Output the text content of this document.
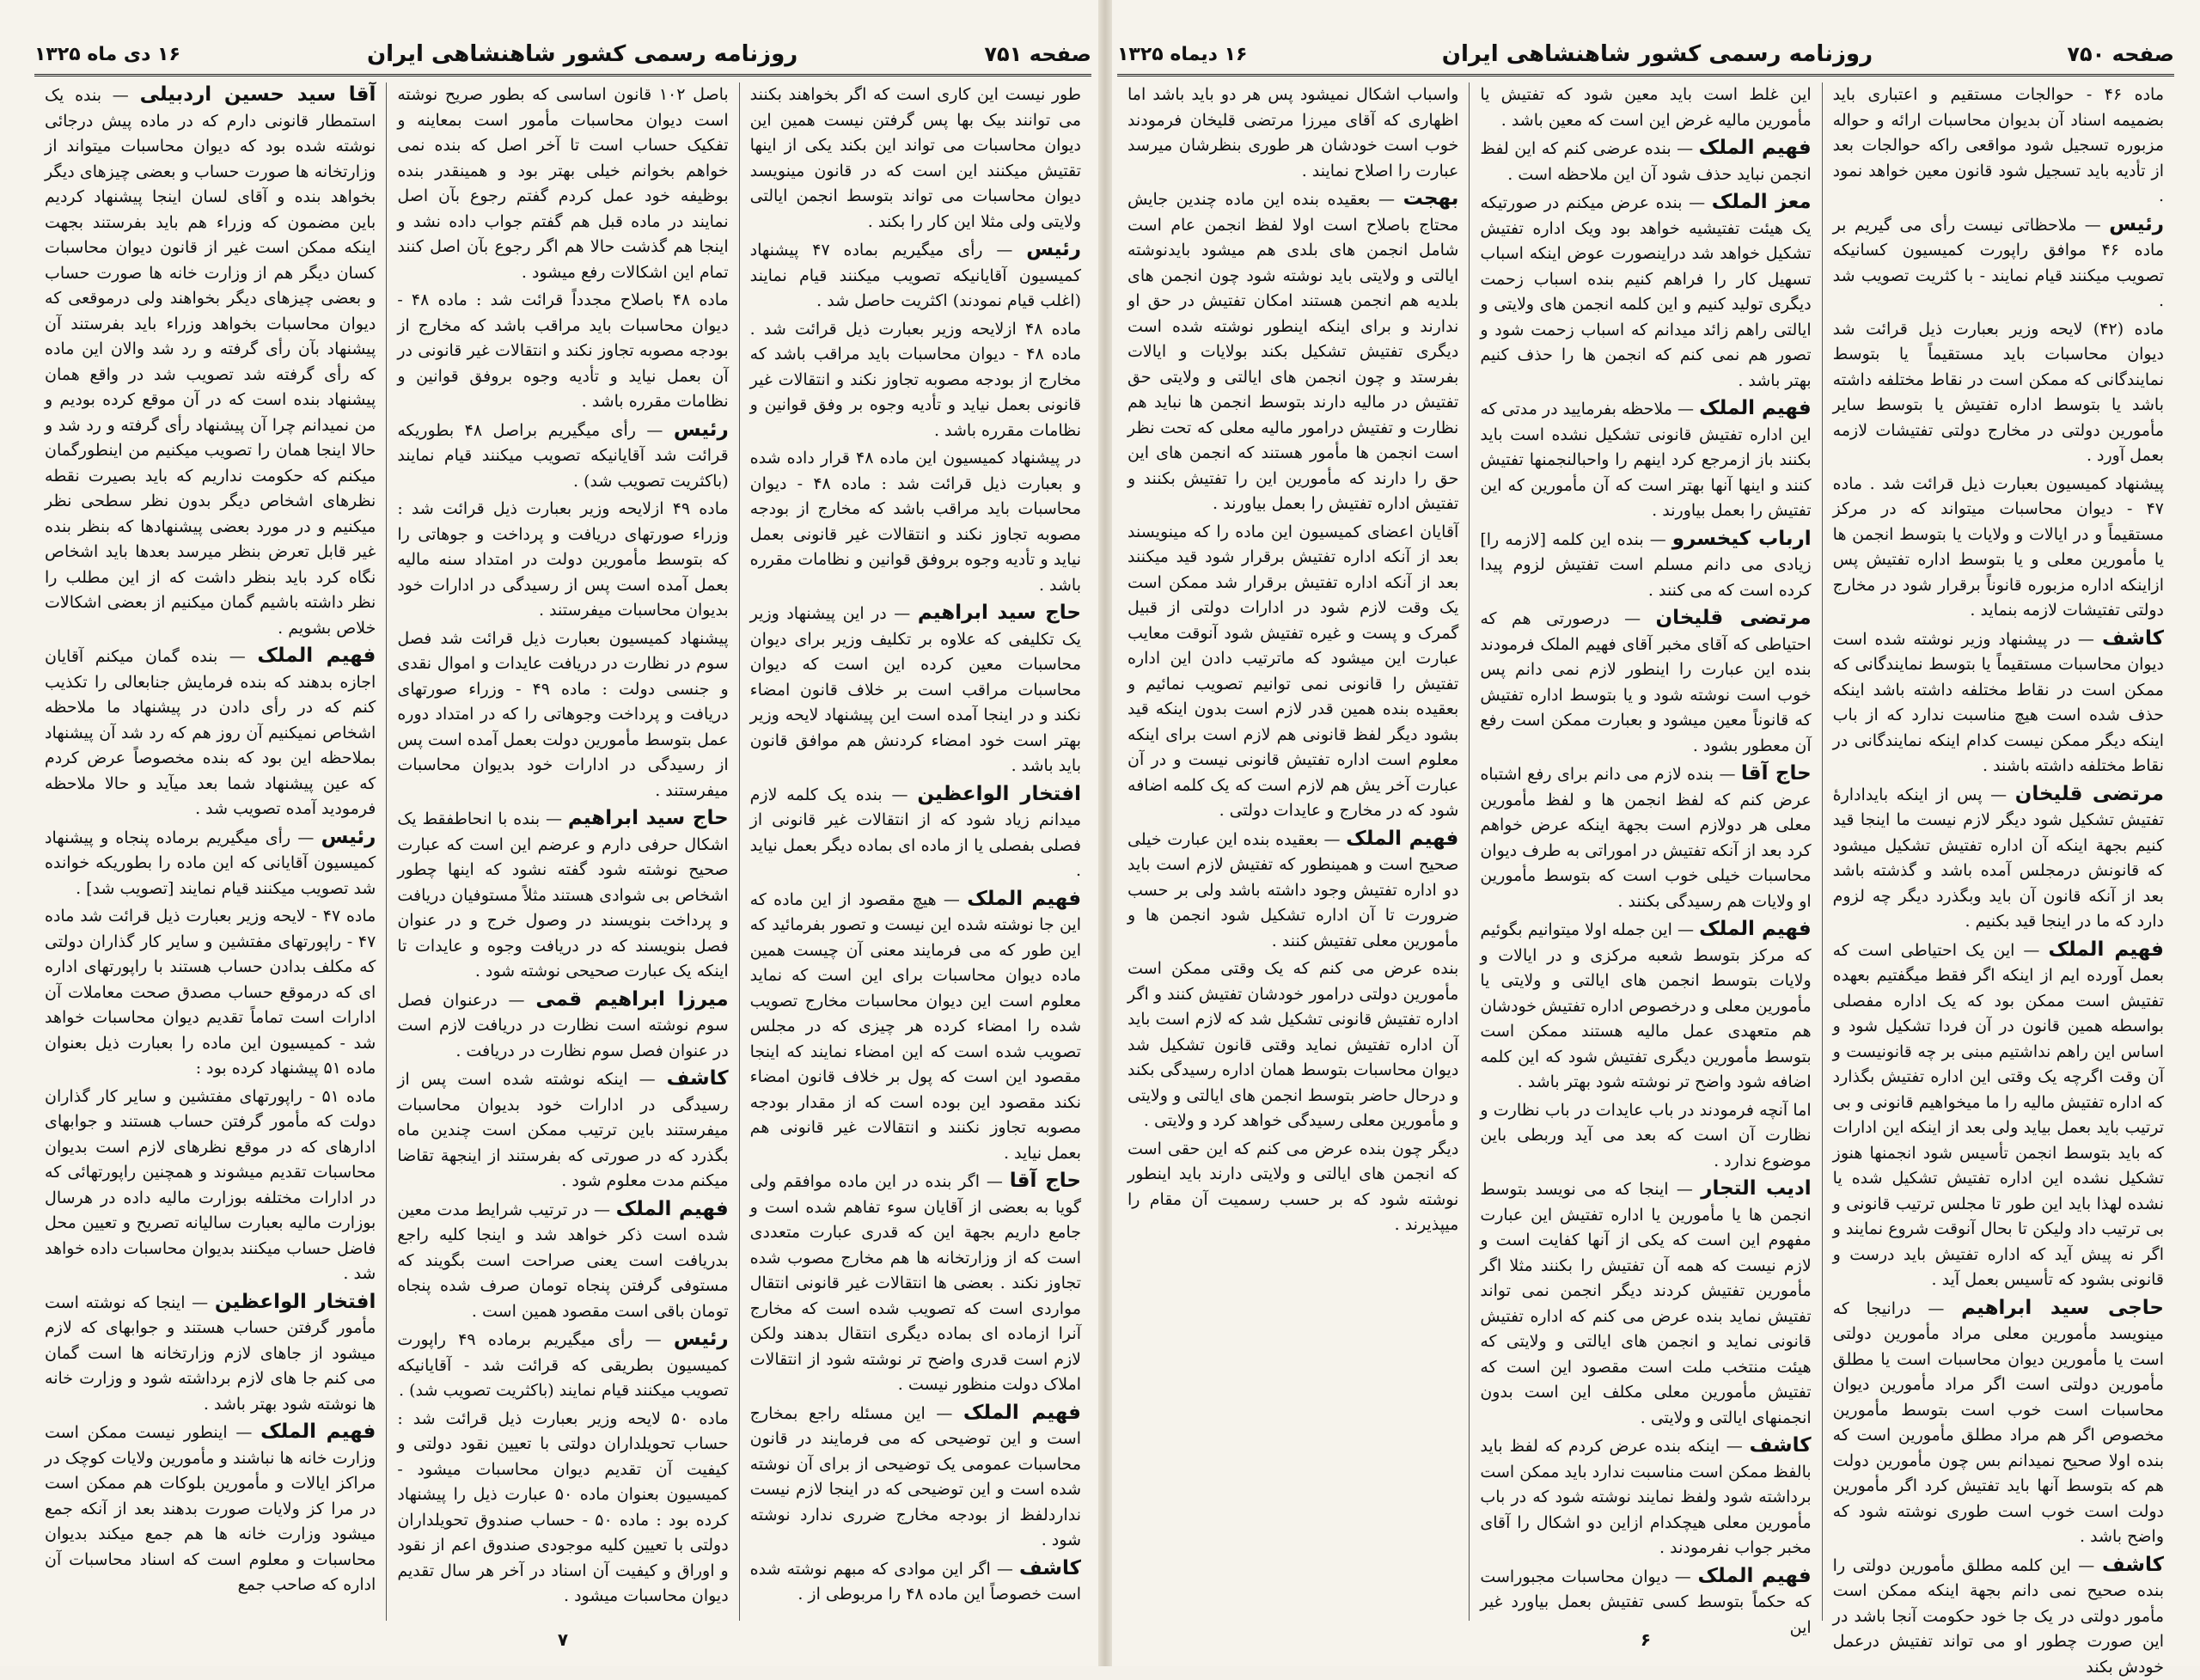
صفحه ۷۵۱
روزنامه رسمی کشور شاهنشاهی ایران
۱۶ دی ماه ۱۳۲۵

طور نیست این کاری است که اگر بخواهند بکنند می توانند بیک بها پس گرفتن نیست همین این دیوان محاسبات می تواند این بکند یکی از اینها تقتیش میکنند این است که در قانون مینویسد دیوان محاسبات می تواند بتوسط انجمن ایالتی ولایتی ولی مثلا این کار را بکند .

رئیس — رأی میگیریم بماده ۴۷ پیشنهاد کمیسیون آقایانیکه تصویب میکنند قیام نمایند (اغلب قیام نمودند) اکثریت حاصل شد .

ماده ۴۸ ازلایحه وزیر بعبارت ذیل قرائت شد . ماده ۴۸ - دیوان محاسبات باید مراقب باشد که مخارج از بودجه مصوبه تجاوز نکند و انتقالات غیر قانونی بعمل نیاید و تأدیه وجوه بر وفق قوانین و نظامات مقرره باشد .

در پیشنهاد کمیسیون این ماده ۴۸ قرار داده شده و بعبارت ذیل قرائت شد : ماده ۴۸ - دیوان محاسبات باید مراقب باشد که مخارج از بودجه مصوبه تجاوز نکند و انتقالات غیر قانونی بعمل نیاید و تأدیه وجوه بروفق قوانین و نظامات مقرره باشد .

حاج سید ابراهیم — در این پیشنهاد وزیر یک تکلیفی که علاوه بر تکلیف وزیر برای دیوان محاسبات معین کرده این است که دیوان محاسبات مراقب است بر خلاف قانون امضاء نکند و در اینجا آمده است این پیشنهاد لایحه وزیر بهتر است خود امضاء کردنش هم موافق قانون باید باشد .

افتخار الواعظین — بنده یک کلمه لازم میدانم زیاد شود که از انتقالات غیر قانونی از فصلی بفصلی یا از ماده ای بماده دیگر بعمل نیاید .

فهیم الملک — هیچ مقصود از این ماده که این جا نوشته شده این نیست و تصور بفرمائید که این طور که می فرمایند معنی آن چیست همین ماده دیوان محاسبات برای این است که نماید معلوم است این دیوان محاسبات مخارج تصویب شده را امضاء کرده هر چیزی که در مجلس تصویب شده است که این امضاء نمایند که اینجا مقصود این است که پول بر خلاف قانون امضاء نکند مقصود این بوده است که از مقدار بودجه مصوبه تجاوز نکنند و انتقالات غیر قانونی هم بعمل نیاید .

حاج آقا — اگر بنده در این ماده موافقم ولی گویا به بعضی از آقایان سوء تفاهم شده است و جامع داریم بجهة این که قدری عبارت متعددی است که از وزارتخانه ها هم مخارج مصوب شده تجاوز نکند . بعضی ها انتقالات غیر قانونی انتقال مواردی است که تصویب شده است که مخارج آنرا ازماده ای بماده دیگری انتقال بدهند ولکن لازم است قدری واضح تر نوشته شود از انتقالات املاک دولت منظور نیست .

فهیم الملک — این مسئله راجع بمخارج است و این توضیحی که می فرمایند در قانون محاسبات عمومی یک توضیحی از برای آن نوشته شده است و این توضیحی که در اینجا لازم نیست نداردلفظ از بودجه مخارج ضرری ندارد نوشته شود .

کاشف — اگر این موادی که مبهم نوشته شده است خصوصاً این ماده ۴۸ را مربوطی از .

باصل ۱۰۲ قانون اساسی که بطور صریح نوشته است دیوان محاسبات مأمور است بمعاینه و تفکیک حساب است تا آخر اصل که بنده نمی خواهم بخوانم خیلی بهتر بود و همینقدر بنده بوظیفه خود عمل کردم گفتم رجوع بآن اصل نمایند در ماده قبل هم گفتم جواب داده نشد و اینجا هم گذشت حالا هم اگر رجوع بآن اصل کنند تمام این اشکالات رفع میشود .

ماده ۴۸ باصلاح مجدداً قرائت شد : ماده ۴۸ - دیوان محاسبات باید مراقب باشد که مخارج از بودجه مصوبه تجاوز نکند و انتقالات غیر قانونی در آن بعمل نیاید و تأدیه وجوه بروفق قوانین و نظامات مقرره باشد .

رئیس — رأی میگیریم براصل ۴۸ بطوریکه قرائت شد آقایانیکه تصویب میکنند قیام نمایند (باکثریت تصویب شد) .

ماده ۴۹ ازلایحه وزیر بعبارت ذیل قرائت شد : وزراء صورتهای دریافت و پرداخت و جوهاتی را که بتوسط مأمورین دولت در امتداد سنه مالیه بعمل آمده است پس از رسیدگی در ادارات خود بدیوان محاسبات میفرستند .

پیشنهاد کمیسیون بعبارت ذیل قرائت شد فصل سوم در نظارت در دریافت عایدات و اموال نقدی و جنسی دولت : ماده ۴۹ - وزراء صورتهای دریافت و پرداخت وجوهاتی را که در امتداد دوره عمل بتوسط مأمورین دولت بعمل آمده است پس از رسیدگی در ادارات خود بدیوان محاسبات میفرستند .

حاج سید ابراهیم — بنده با انحاطفقط یک اشکال حرفی دارم و عرضم این است که عبارت صحیح نوشته شود گفته نشود که اینها چطور اشخاص بی شوادی هستند مثلاً مستوفیان دریافت و پرداخت بنویسند در وصول خرج و در عنوان فصل بنویسند که در دریافت وجوه و عایدات تا اینکه یک عبارت صحیحی نوشته شود .

میرزا ابراهیم قمی — درعنوان فصل سوم نوشته است نظارت در دریافت لازم است در عنوان فصل سوم نظارت در دریافت .

کاشف — اینکه نوشته شده است پس از رسیدگی در ادارات خود بدیوان محاسبات میفرستند باین ترتیب ممکن است چندین ماه بگذرد که در صورتی که بفرستند از اینجهة تقاضا میکنم مدت معلوم شود .

فهیم الملک — در ترتیب شرایط مدت معین شده است ذکر خواهد شد و اینجا کلیه راجع بدریافت است یعنی صراحت است بگویند که مستوفی گرفتن پنجاه تومان صرف شده پنجاه تومان باقی است مقصود همین است .

رئیس — رأی میگیریم برماده ۴۹ راپورت کمیسیون بطریقی که قرائت شد - آقایانیکه تصویب میکنند قیام نمایند (باکثریت تصویب شد) .

ماده ۵۰ لایحه وزیر بعبارت ذیل قرائت شد : حساب تحویلداران دولتی با تعیین نقود دولتی و کیفیت آن تقدیم دیوان محاسبات میشود - کمیسیون بعنوان ماده ۵۰ عبارت ذیل را پیشنهاد کرده بود : ماده ۵۰ - حساب صندوق تحویلداران دولتی با تعیین کلیه موجودی صندوق اعم از نقود و اوراق و کیفیت آن اسناد در آخر هر سال تقدیم دیوان محاسبات میشود .

آقا سید حسین اردبیلی — بنده یک استمطار قانونی دارم که در ماده پیش درجائی نوشته شده بود که دیوان محاسبات میتواند از وزارتخانه ها صورت حساب و بعضی چیزهای دیگر بخواهد بنده و آقای لسان اینجا پیشنهاد کردیم باین مضمون که وزراء هم باید بفرستند بجهت اینکه ممکن است غیر از قانون دیوان محاسبات کسان دیگر هم از وزارت خانه ها صورت حساب و بعضی چیزهای دیگر بخواهند ولی درموقعی که دیوان محاسبات بخواهد وزراء باید بفرستند آن پیشنهاد بآن رأی گرفته و رد شد والان این ماده که رأی گرفته شد تصویب شد در واقع همان پیشنهاد بنده است که در آن موقع کرده بودیم و من نمیدانم چرا آن پیشنهاد رأی گرفته و رد شد و حالا اینجا همان را تصویب میکنیم من اینطورگمان میکنم که حکومت نداریم که باید بصیرت نقطه نظرهای اشخاص دیگر بدون نظر سطحی نظر میکنیم و در مورد بعضی پیشنهادها که بنظر بنده غیر قابل تعرض بنظر میرسد بعدها باید اشخاص نگاه کرد باید بنظر داشت که از این مطلب را نظر داشته باشیم گمان میکنیم از بعضی اشکالات خلاص بشویم .

فهیم الملک — بنده گمان میکنم آقایان اجازه بدهند که بنده فرمایش جنابعالی را تکذیب کنم که در رأی دادن در پیشنهاد ما ملاحظه اشخاص نمیکنیم آن روز هم که رد شد آن پیشنهاد بملاحظه این بود که بنده مخصوصاً عرض کردم که عین پیشنهاد شما بعد میآید و حالا ملاحظه فرمودید آمده تصویب شد .

رئیس — رأی میگیریم برماده پنجاه و پیشنهاد کمیسیون آقایانی که این ماده را بطوریکه خوانده شد تصویب میکنند قیام نمایند [تصویب شد] .

ماده ۴۷ - لایحه وزیر بعبارت ذیل قرائت شد ماده ۴۷ - راپورتهای مفتشین و سایر کار گذاران دولتی که مکلف بدادن حساب هستند با راپورتهای اداره ای که درموقع حساب مصدق صحت معاملات آن ادارات است تماماً تقدیم دیوان محاسبات خواهد شد - کمیسیون این ماده را بعبارت ذیل بعنوان ماده ۵۱ پیشنهاد کرده بود :

ماده ۵۱ - راپورتهای مفتشین و سایر کار گذاران دولت که مأمور گرفتن حساب هستند و جوابهای ادارهای که در موقع نظرهای لازم است بدیوان محاسبات تقدیم میشوند و همچنین راپورتهائی که در ادارات مختلفه بوزارت مالیه داده در هرسال بوزارت مالیه بعبارت سالیانه تصریح و تعیین محل فاضل حساب میکنند بدیوان محاسبات داده خواهد شد .

افتخار الواعظین — اینجا که نوشته است مأمور گرفتن حساب هستند و جوابهای که لازم میشود از جاهای لازم وزارتخانه ها است گمان می کنم جا های لازم برداشته شود و وزارت خانه ها نوشته شود بهتر باشد .

فهیم الملک — اینطور نیست ممکن است وزارت خانه ها نباشند و مأمورین ولایات کوچک در مراکز ایالات و مأمورین بلوکات هم ممکن است در مرا کز ولایات صورت بدهند بعد از آنکه جمع میشود وزارت خانه ها هم جمع میکند بدیوان محاسبات و معلوم است که اسناد محاسبات آن اداره که صاحب جمع

۷
صفحه ۷۵۰
روزنامه رسمی کشور شاهنشاهی ایران
۱۶ دیماه ۱۳۲۵

ماده ۴۶ - حوالجات مستقیم و اعتباری باید بضمیمه اسناد آن بدیوان محاسبات ارائه و حواله مزبوره تسجیل شود مواقعی راکه حوالجات بعد از تأدیه باید تسجیل شود قانون معین خواهد نمود .

رئیس — ملاحظاتی نیست رأی می گیریم بر ماده ۴۶ موافق راپورت کمیسیون کسانیکه تصویب میکنند قیام نمایند - با کثریت تصویب شد .

ماده (۴۲) لایحه وزیر بعبارت ذیل قرائت شد دیوان محاسبات باید مستقیماً یا بتوسط نمایندگانی که ممکن است در نقاط مختلفه داشته باشد یا بتوسط اداره تفتیش یا بتوسط سایر مأمورین دولتی در مخارج دولتی تفتیشات لازمه بعمل آورد .

پیشنهاد کمیسیون بعبارت ذیل قرائت شد . ماده ۴۷ - دیوان محاسبات میتواند که در مرکز مستقیماً و در ایالات و ولایات یا بتوسط انجمن ها یا مأمورین معلی و یا بتوسط اداره تفتیش پس ازاینکه اداره مزبوره قانوناً برقرار شود در مخارج دولتی تفتیشات لازمه بنماید .

کاشف — در پیشنهاد وزیر نوشته شده است دیوان محاسبات مستقیماً یا بتوسط نمایندگانی که ممکن است در نقاط مختلفه داشته باشد اینکه حذف شده است هیچ مناسبت ندارد که از باب اینکه دیگر ممکن نیست کدام اینکه نمایندگانی در نقاط مختلفه داشته باشند .

مرتضی قلیخان — پس از اینکه بایدادارهٔ تفتیش تشکیل شود دیگر لازم نیست ما اینجا قید کنیم بجهة اینکه آن اداره تفتیش تشکیل میشود که قانونش درمجلس آمده باشد و گذشته باشد بعد از آنکه قانون آن باید وبگذرد دیگر چه لزوم دارد که ما در اینجا قید بکنیم .

فهیم الملک — این یک احتیاطی است که بعمل آورده ایم از اینکه اگر فقط میگفتیم بعهده تفتیش است ممکن بود که یک اداره مفصلی بواسطه همین قانون در آن فردا تشکیل شود و اساس این راهم نداشتیم مبنی بر چه قانونیست و آن وقت اگرچه یک وقتی این اداره تفتیش بگذارد که اداره تفتیش مالیه را ما میخواهیم قانونی و بی ترتیب باید بعمل بیاید ولی بعد از اینکه این ادارات که باید بتوسط انجمن تأسیس شود انجمنها هنوز تشکیل نشده این اداره تفتیش تشکیل شده یا نشده لهذا باید این طور تا مجلس ترتیب قانونی و بی ترتیب داد ولیکن تا بحال آنوقت شروع نمایند و اگر نه پیش آید که اداره تفتیش باید درست و قانونی بشود که تأسیس بعمل آید .

حاجی سید ابراهیم — درانیجا که مینویسد مأمورین معلی مراد مأمورین دولتی است یا مأمورین دیوان محاسبات است یا مطلق مأمورین دولتی است اگر مراد مأمورین دیوان محاسبات است خوب است بتوسط مأمورین مخصوص اگر هم مراد مطلق مأمورین است که بنده اولا صحیح نمیدانم بس چون مأمورین دولت هم که بتوسط آنها باید تفتیش کرد اگر مأمورین دولت است خوب است طوری نوشته شود که واضح باشد .

کاشف — این کلمه مطلق مأمورین دولتی را بنده صحیح نمی دانم بجهة اینکه ممکن است مأمور دولتی در یک جا خود حکومت آنجا باشد در این صورت چطور او می تواند تفتیش درعمل خودش بکند

این غلط است باید معین شود که تفتیش یا مأمورین مالیه غرض این است که معین باشد .

فهیم الملک — بنده عرضی کنم که این لفظ انجمن نباید حذف شود آن این ملاحظه است .

معز الملک — بنده عرض میکنم در صورتیکه یک هیئت تفتیشیه خواهد بود ویک اداره تفتیش تشکیل خواهد شد دراینصورت عوض اینکه اسباب تسهیل کار را فراهم کنیم بنده اسباب زحمت دیگری تولید کنیم و این کلمه انجمن های ولایتی و ایالتی راهم زائد میدانم که اسباب زحمت شود و تصور هم نمی کنم که انجمن ها را حذف کنیم بهتر باشد .

فهیم الملک — ملاحظه بفرمایید در مدتی که این اداره تفتیش قانونی تشکیل نشده است باید بکنند باز ازمرجع کرد اینهم را واحبالنجمنها تفتیش کنند و اینها آنها بهتر است که آن مأمورین که این تفتیش را بعمل بیاورند .

ارباب کیخسرو — بنده این کلمه [لازمه را] زیادی می دانم مسلم است تفتیش لزوم پیدا کرده است که می کنند .

مرتضی قلیخان — درصورتی هم که احتیاطی که آقای مخبر آقای فهیم الملک فرمودند بنده این عبارت را اینطور لازم نمی دانم پس خوب است نوشته شود و یا بتوسط اداره تفتیش که قانوناً معین میشود و بعبارت ممکن است رفع آن معطور بشود .

حاج آقا — بنده لازم می دانم برای رفع اشتباه عرض کنم که لفظ انجمن ها و لفظ مأمورین معلی هر دولازم است بجهة اینکه عرض خواهم کرد بعد از آنکه تفتیش در اموراتی به طرف دیوان محاسبات خیلی خوب است که بتوسط مأمورین او ولایات هم رسیدگی بکنند .

فهیم الملک — این جمله اولا میتوانیم بگوئیم که مرکز بتوسط شعبه مرکزی و در ایالات و ولایات بتوسط انجمن های ایالتی و ولایتی یا مأمورین معلی و درخصوص اداره تفتیش خودشان هم متعهدی عمل مالیه هستند ممکن است بتوسط مأمورین دیگری تفتیش شود که این کلمه اضافه شود واضح تر نوشته شود بهتر باشد .

اما آنچه فرمودند در باب عایدات در باب نظارت و نظارت آن است که بعد می آید وربطی باین موضوع ندارد .

ادیب التجار — اینجا که می نویسد بتوسط انجمن ها یا مأمورین یا اداره تفتیش این عبارت مفهوم این است که یکی از آنها کفایت است و لازم نیست که همه آن تفتیش را بکنند مثلا اگر مأمورین تفتیش کردند دیگر انجمن نمی تواند تفتیش نماید بنده عرض می کنم که اداره تفتیش قانونی نماید و انجمن های ایالتی و ولایتی که هیئت منتخب ملت است مقصود این است که تفتیش مأمورین معلی مکلف این است بدون انجمنهای ایالتی و ولایتی .

کاشف — اینکه بنده عرض کردم که لفظ باید بالفظ ممکن است مناسبت ندارد باید ممکن است برداشته شود ولفظ نمایند نوشته شود که در باب مأمورین معلی هیچکدام ازاین دو اشکال را آقای مخبر جواب نفرمودند .

فهیم الملک — دیوان محاسبات مجبوراست که حکماً بتوسط کسی تفتیش بعمل بیاورد غیر این

واسباب اشکال نمیشود پس هر دو باید باشد اما اظهاری که آقای میرزا مرتضی قلیخان فرمودند خوب است خودشان هر طوری بنظرشان میرسد عبارت را اصلاح نمایند .

بهجت — بعقیده بنده این ماده چندین جایش محتاج باصلاح است اولا لفظ انجمن عام است شامل انجمن های بلدی هم میشود بایدنوشته ایالتی و ولایتی باید نوشته شود چون انجمن های بلدیه هم انجمن هستند امکان تفتیش در حق او ندارند و برای اینکه اینطور نوشته شده است دیگری تفتیش تشکیل بکند بولایات و ایالات بفرستد و چون انجمن های ایالتی و ولایتی حق تفتیش در مالیه دارند بتوسط انجمن ها نباید هم نظارت و تفتیش درامور مالیه معلی که تحت نظر است انجمن ها مأمور هستند که انجمن های این حق را دارند که مأمورین این را تفتیش بکنند و تفتیش اداره تفتیش را بعمل بیاورند .

آقایان اعضای کمیسیون این ماده را که مینویسند بعد از آنکه اداره تفتیش برقرار شود قید میکنند بعد از آنکه اداره تفتیش برقرار شد ممکن است یک وقت لازم شود در ادارات دولتی از قبیل گمرک و پست و غیره تفتیش شود آنوقت معایب عبارت این میشود که ماترتیب دادن این اداره تفتیش را قانونی نمی توانیم تصویب نمائیم و بعقیده بنده همین قدر لازم است بدون اینکه قید بشود دیگر لفظ قانونی هم لازم است برای اینکه معلوم است اداره تفتیش قانونی نیست و در آن عبارت آخر یش هم لازم است که یک کلمه اضافه شود که در مخارج و عایدات دولتی .

فهیم الملک — بعقیده بنده این عبارت خیلی صحیح است و همینطور که تفتیش لازم است باید دو اداره تفتیش وجود داشته باشد ولی بر حسب ضرورت تا آن اداره تشکیل شود انجمن ها و مأمورین معلی تفتیش کنند .

بنده عرض می کنم که یک وقتی ممکن است مأمورین دولتی درامور خودشان تفتیش کنند و اگر اداره تفتیش قانونی تشکیل شد که لازم است باید آن اداره تفتیش نماید وقتی قانون تشکیل شد دیوان محاسبات بتوسط همان اداره رسیدگی بکند و درحال حاضر بتوسط انجمن های ایالتی و ولایتی و مأمورین معلی رسیدگی خواهد کرد و ولایتی .

دیگر چون بنده عرض می کنم که این حقی است که انجمن های ایالتی و ولایتی دارند باید اینطور نوشته شود که بر حسب رسمیت آن مقام را میپذیرند .

۶
